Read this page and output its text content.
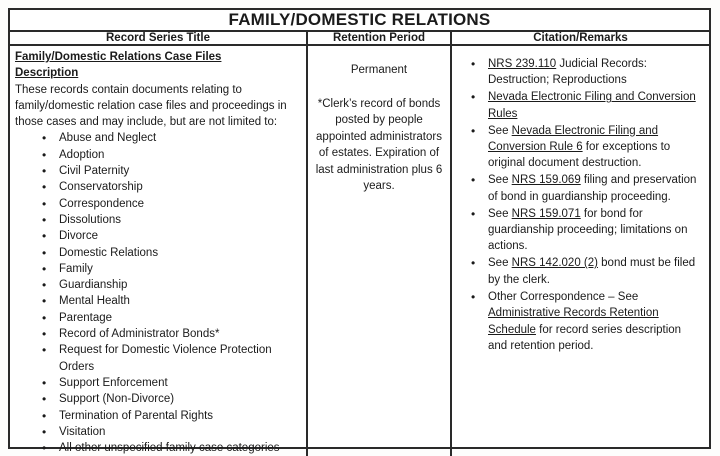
FAMILY/DOMESTIC RELATIONS
Record Series Title	Retention Period	Citation/Remarks
Family/Domestic Relations Case Files
Description

These records contain documents relating to family/domestic relation case files and proceedings in those cases and may include, but are not limited to:

• Abuse and Neglect
• Adoption
• Civil Paternity
• Conservatorship
• Correspondence
• Dissolutions
• Divorce
• Domestic Relations
• Family
• Guardianship
• Mental Health
• Parentage
• Record of Administrator Bonds*
• Request for Domestic Violence Protection Orders
• Support Enforcement
• Support (Non-Divorce)
• Termination of Parental Rights
• Visitation
• All other unspecified family case categories
Permanent
*Clerk’s record of bonds posted by people appointed administrators of estates. Expiration of last administration plus 6 years.
• NRS 239.110 Judicial Records: Destruction; Reproductions
• Nevada Electronic Filing and Conversion Rules
• See Nevada Electronic Filing and Conversion Rule 6 for exceptions to original document destruction.
• See NRS 159.069 filing and preservation of bond in guardianship proceeding.
• See NRS 159.071 for bond for guardianship proceeding; limitations on actions.
• See NRS 142.020 (2) bond must be filed by the clerk.
• Other Correspondence – See Administrative Records Retention Schedule for record series description and retention period.
